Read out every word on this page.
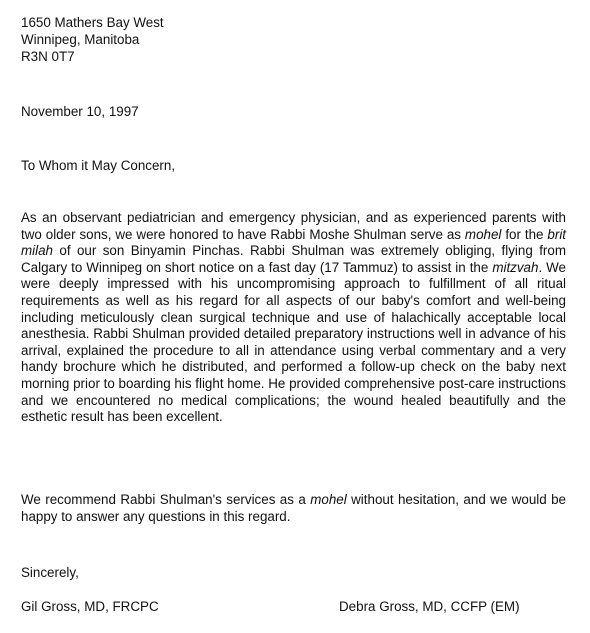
1650 Mathers Bay West
Winnipeg, Manitoba
R3N 0T7
November 10, 1997
To Whom it May Concern,
As an observant pediatrician and emergency physician, and as experienced parents with two older sons, we were honored to have Rabbi Moshe Shulman serve as mohel for the brit milah of our son Binyamin Pinchas. Rabbi Shulman was extremely obliging, flying from Calgary to Winnipeg on short notice on a fast day (17 Tammuz) to assist in the mitzvah. We were deeply impressed with his uncompromising approach to fulfillment of all ritual requirements as well as his regard for all aspects of our baby's comfort and well-being including meticulously clean surgical technique and use of halachically acceptable local anesthesia. Rabbi Shulman provided detailed preparatory instructions well in advance of his arrival, explained the procedure to all in attendance using verbal commentary and a very handy brochure which he distributed, and performed a follow-up check on the baby next morning prior to boarding his flight home. He provided comprehensive post-care instructions and we encountered no medical complications; the wound healed beautifully and the esthetic result has been excellent.
We recommend Rabbi Shulman's services as a mohel without hesitation, and we would be happy to answer any questions in this regard.
Sincerely,
Gil Gross, MD, FRCPC	Debra Gross, MD, CCFP (EM)
